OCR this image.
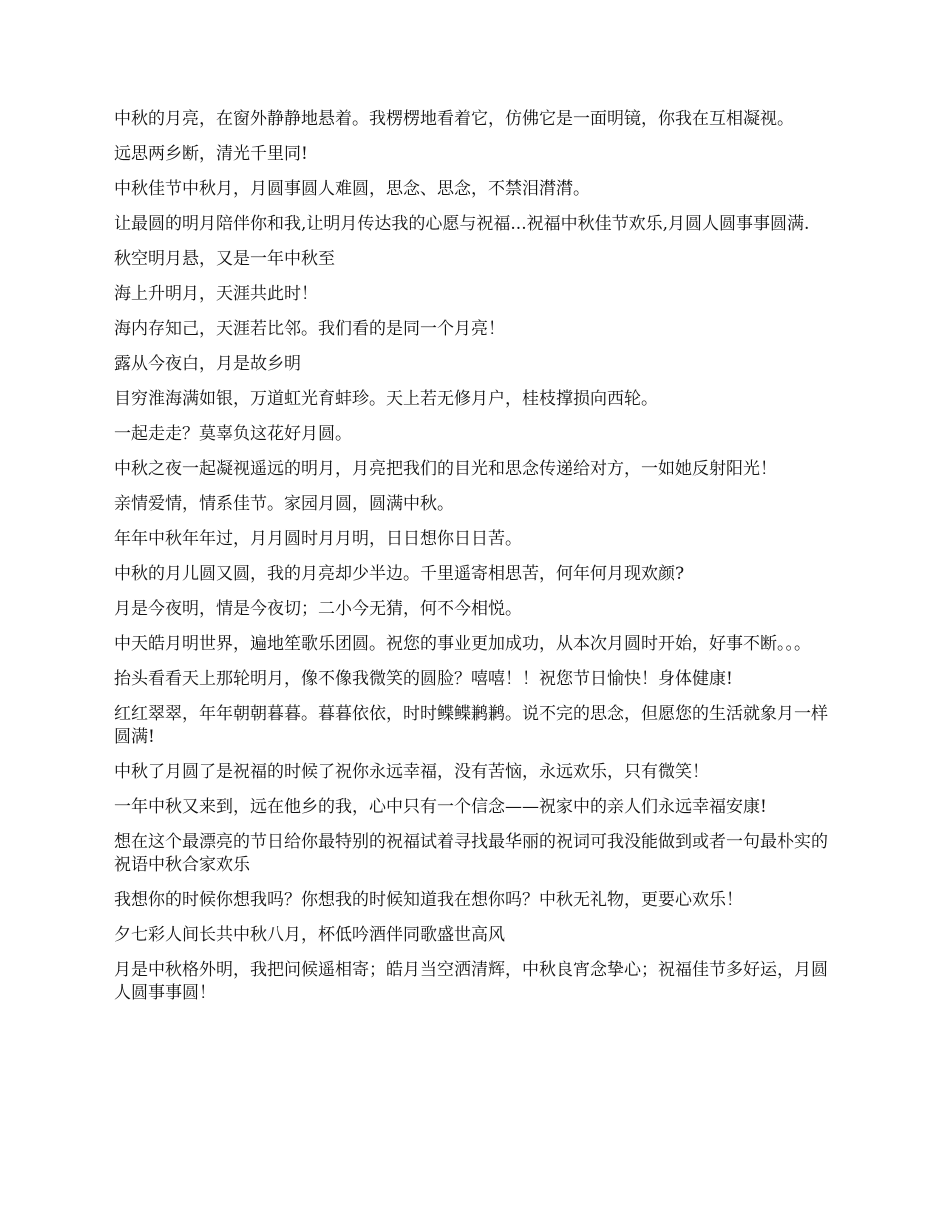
中秋的月亮，在窗外静静地悬着。我楞楞地看着它，仿佛它是一面明镜，你我在互相凝视。

远思两乡断，清光千里同!

中秋佳节中秋月，月圆事圆人难圆，思念、思念，不禁泪潸潸。

让最圆的明月陪伴你和我,让明月传达我的心愿与祝福...祝福中秋佳节欢乐,月圆人圆事事圆满.

秋空明月悬，又是一年中秋至

海上升明月，天涯共此时！

海内存知己，天涯若比邻。我们看的是同一个月亮！

露从今夜白，月是故乡明

目穷淮海满如银，万道虹光育蚌珍。天上若无修月户，桂枝撑损向西轮。

一起走走？莫辜负这花好月圆。

中秋之夜一起凝视遥远的明月，月亮把我们的目光和思念传递给对方，一如她反射阳光！

亲情爱情，情系佳节。家园月圆，圆满中秋。

年年中秋年年过，月月圆时月月明，日日想你日日苦。

中秋的月儿圆又圆，我的月亮却少半边。千里遥寄相思苦，何年何月现欢颜?

月是今夜明，情是今夜切；二小今无猜，何不今相悦。

中天皓月明世界，遍地笙歌乐团圆。祝您的事业更加成功，从本次月圆时开始，好事不断。。。

抬头看看天上那轮明月，像不像我微笑的圆脸？嘻嘻！！祝您节日愉快！身体健康!

红红翠翠，年年朝朝暮暮。暮暮依依，时时鲽鲽鹣鹣。说不完的思念，但愿您的生活就象月一样圆满!

中秋了月圆了是祝福的时候了祝你永远幸福，没有苦恼，永远欢乐，只有微笑！

一年中秋又来到，远在他乡的我，心中只有一个信念——祝家中的亲人们永远幸福安康!

想在这个最漂亮的节日给你最特别的祝福试着寻找最华丽的祝词可我没能做到或者一句最朴实的祝语中秋合家欢乐

我想你的时候你想我吗？你想我的时候知道我在想你吗？中秋无礼物，更要心欢乐！

夕七彩人间长共中秋八月，杯低吟酒伴同歌盛世高风

月是中秋格外明，我把问候遥相寄；皓月当空洒清辉，中秋良宵念挚心；祝福佳节多好运，月圆人圆事事圆！
